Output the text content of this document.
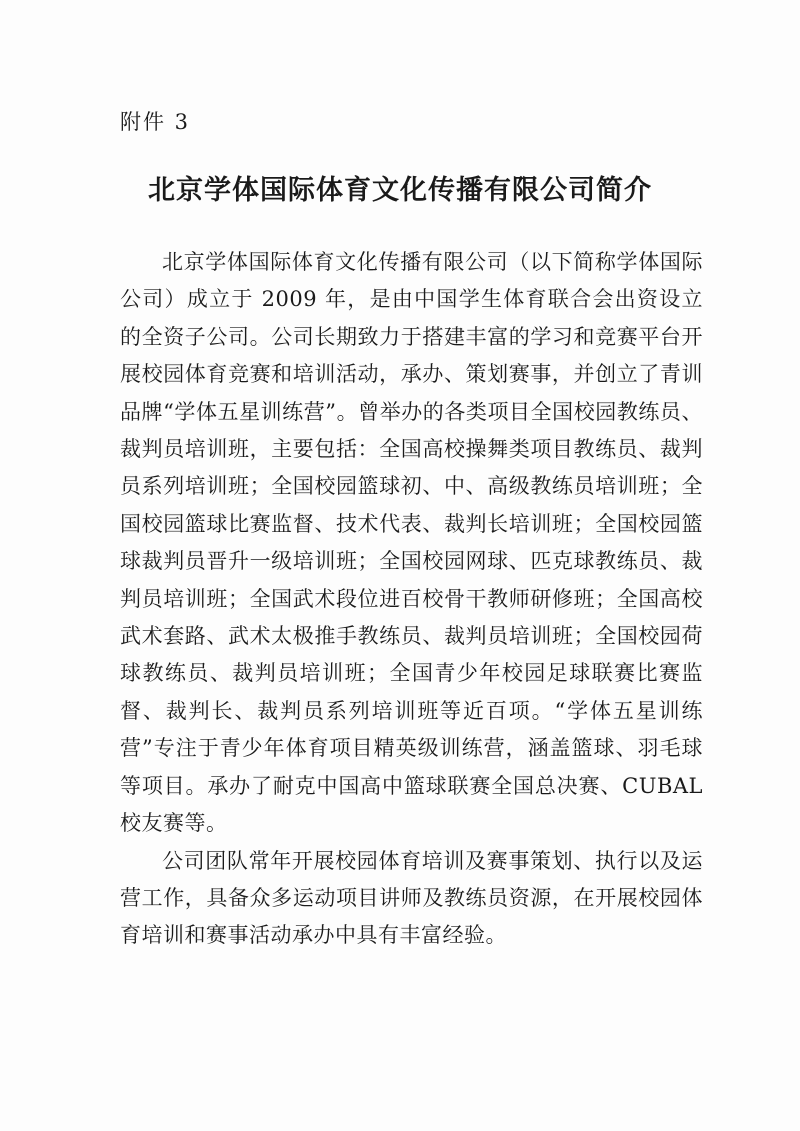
附件 3
北京学体国际体育文化传播有限公司简介

北京学体国际体育文化传播有限公司（以下简称学体国际公司）成立于 2009 年，是由中国学生体育联合会出资设立的全资子公司。公司长期致力于搭建丰富的学习和竞赛平台开展校园体育竞赛和培训活动，承办、策划赛事，并创立了青训品牌“学体五星训练营”。曾举办的各类项目全国校园教练员、裁判员培训班，主要包括：全国高校操舞类项目教练员、裁判员系列培训班；全国校园篮球初、中、高级教练员培训班；全国校园篮球比赛监督、技术代表、裁判长培训班；全国校园篮球裁判员晋升一级培训班；全国校园网球、匹克球教练员、裁判员培训班；全国武术段位进百校骨干教师研修班；全国高校武术套路、武术太极推手教练员、裁判员培训班；全国校园荷球教练员、裁判员培训班；全国青少年校园足球联赛比赛监督、裁判长、裁判员系列培训班等近百项。“学体五星训练营”专注于青少年体育项目精英级训练营，涵盖篮球、羽毛球等项目。承办了耐克中国高中篮球联赛全国总决赛、CUBAL 校友赛等。

公司团队常年开展校园体育培训及赛事策划、执行以及运营工作，具备众多运动项目讲师及教练员资源，在开展校园体育培训和赛事活动承办中具有丰富经验。
